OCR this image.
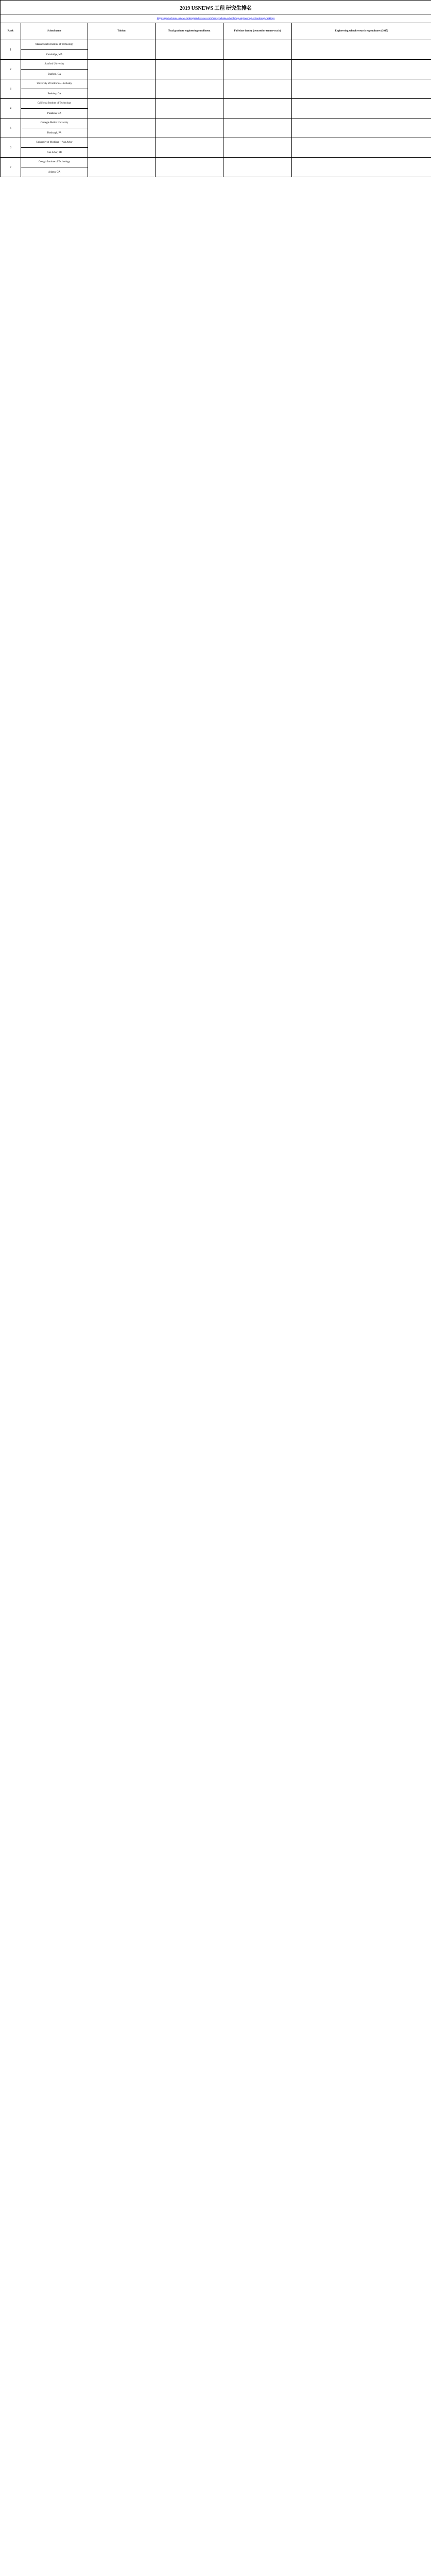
2019 USNEWS 工程 研究生排名					
https://grad-schools.usnews.rankingsandreviews.com/best-graduate-schools/top-engineering-schools/eng-rankings					
Rank	School name	Tuition	Total graduate engineering enrollment	Full-time faculty (tenured or tenure-track)	Engineering school research expenditures (2017)
1	Massachusetts Institute of Technology
Cambridge, MA				

2	Stanford University
Stanford, CA				

3	University of California—Berkeley
Berkeley, CA				

4	California Institute of Technology
Pasadena, CA				

5	Carnegie Mellon University
Pittsburgh, PA				

6	University of Michigan—Ann Arbor
Ann Arbor, MI				

7	Georgia Institute of Technology
Atlanta, GA				
